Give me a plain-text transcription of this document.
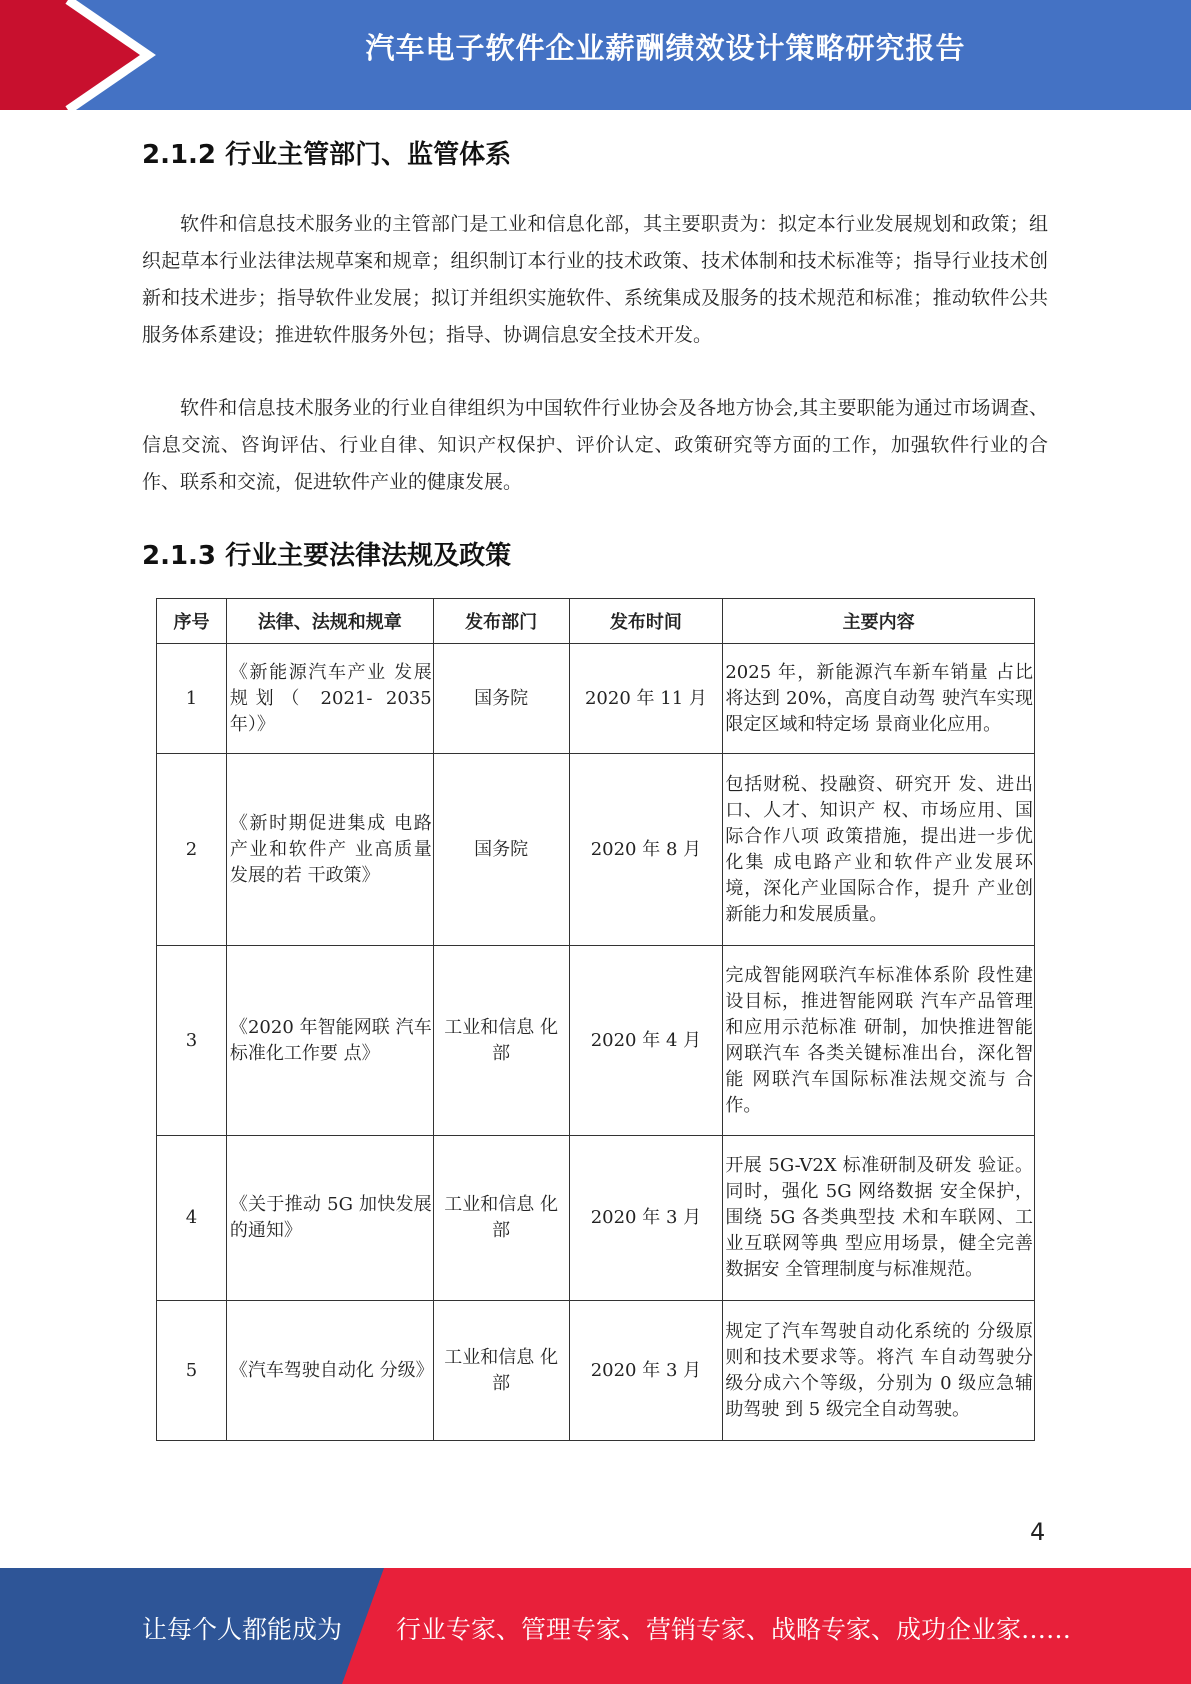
汽车电子软件企业薪酬绩效设计策略研究报告
2.1.2 行业主管部门、监管体系
软件和信息技术服务业的主管部门是工业和信息化部，其主要职责为：拟定本行业发展规划和政策；组织起草本行业法律法规草案和规章；组织制订本行业的技术政策、技术体制和技术标准等；指导行业技术创新和技术进步；指导软件业发展；拟订并组织实施软件、系统集成及服务的技术规范和标准；推动软件公共服务体系建设；推进软件服务外包；指导、协调信息安全技术开发。
软件和信息技术服务业的行业自律组织为中国软件行业协会及各地方协会,其主要职能为通过市场调查、信息交流、咨询评估、行业自律、知识产权保护、评价认定、政策研究等方面的工作，加强软件行业的合作、联系和交流，促进软件产业的健康发展。
2.1.3 行业主要法律法规及政策
序号	法律、法规和规章	发布部门	发布时间	主要内容
1	《新能源汽车产业 发展规划（ 2021- 2035 年）》	国务院	2020 年 11 月	2025 年，新能源汽车新车销量 占比将达到 20%，高度自动驾 驶汽车实现限定区域和特定场 景商业化应用。
2	《新时期促进集成 电路产业和软件产 业高质量发展的若 干政策》	国务院	2020 年 8 月	包括财税、投融资、研究开 发、进出口、人才、知识产 权、市场应用、国际合作八项 政策措施，提出进一步优化集 成电路产业和软件产业发展环 境，深化产业国际合作，提升 产业创新能力和发展质量。
3	《2020 年智能网联 汽车标准化工作要 点》	工业和信息 化部	2020 年 4 月	完成智能网联汽车标准体系阶 段性建设目标，推进智能网联 汽车产品管理和应用示范标准 研制，加快推进智能网联汽车 各类关键标准出台，深化智能 网联汽车国际标准法规交流与 合作。
4	《关于推动 5G 加快发展的通知》	工业和信息 化部	2020 年 3 月	开展 5G-V2X 标准研制及研发 验证。同时，强化 5G 网络数据 安全保护，围绕 5G 各类典型技 术和车联网、工业互联网等典 型应用场景，健全完善数据安 全管理制度与标准规范。
5	《汽车驾驶自动化 分级》	工业和信息 化部	2020 年 3 月	规定了汽车驾驶自动化系统的 分级原则和技术要求等。将汽 车自动驾驶分级分成六个等级，分别为 0 级应急辅助驾驶 到 5 级完全自动驾驶。
4
让每个人都能成为 行业专家、管理专家、营销专家、战略专家、成功企业家……
